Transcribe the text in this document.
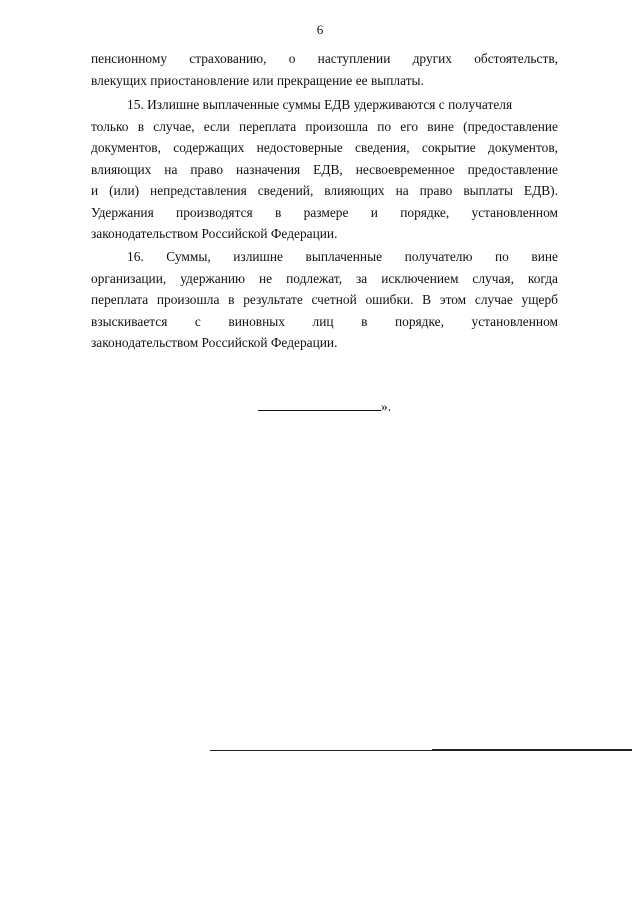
6
пенсионному страхованию, о наступлении других обстоятельств,
влекущих приостановление или прекращение ее выплаты.
15. Излишне выплаченные суммы ЕДВ удерживаются с получателя
только в случае, если переплата произошла по его вине (предоставление
документов, содержащих недостоверные сведения, сокрытие документов,
влияющих на право назначения ЕДВ, несвоевременное предоставление
и (или) непредставления сведений, влияющих на право выплаты ЕДВ).
Удержания производятся в размере и порядке, установленном
законодательством Российской Федерации.
16. Суммы, излишне выплаченные получателю по вине
организации, удержанию не подлежат, за исключением случая, когда
переплата произошла в результате счетной ошибки. В этом случае ущерб
взыскивается с виновных лиц в порядке, установленном
законодательством Российской Федерации.
».
